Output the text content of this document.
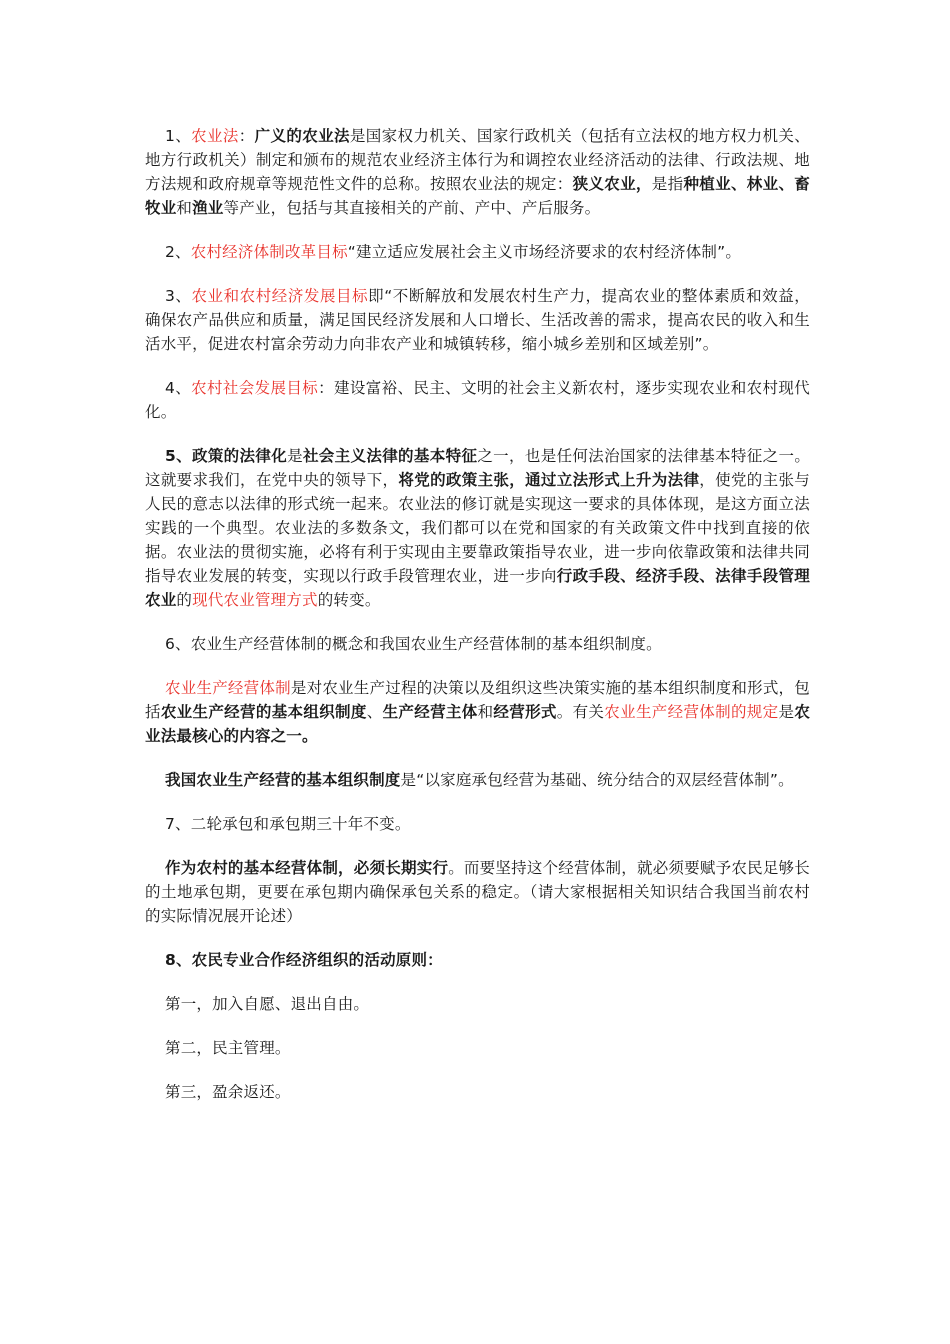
1、农业法：广义的农业法是国家权力机关、国家行政机关（包括有立法权的地方权力机关、地方行政机关）制定和颁布的规范农业经济主体行为和调控农业经济活动的法律、行政法规、地方法规和政府规章等规范性文件的总称。按照农业法的规定：狭义农业，是指种植业、林业、畜牧业和渔业等产业，包括与其直接相关的产前、产中、产后服务。

2、农村经济体制改革目标“建立适应发展社会主义市场经济要求的农村经济体制”。

3、农业和农村经济发展目标即“不断解放和发展农村生产力，提高农业的整体素质和效益，确保农产品供应和质量，满足国民经济发展和人口增长、生活改善的需求，提高农民的收入和生活水平，促进农村富余劳动力向非农产业和城镇转移，缩小城乡差别和区域差别”。

4、农村社会发展目标：建设富裕、民主、文明的社会主义新农村，逐步实现农业和农村现代化。

5、政策的法律化是社会主义法律的基本特征之一，也是任何法治国家的法律基本特征之一。这就要求我们，在党中央的领导下，将党的政策主张，通过立法形式上升为法律，使党的主张与人民的意志以法律的形式统一起来。农业法的修订就是实现这一要求的具体体现，是这方面立法实践的一个典型。农业法的多数条文，我们都可以在党和国家的有关政策文件中找到直接的依据。农业法的贯彻实施，必将有利于实现由主要靠政策指导农业，进一步向依靠政策和法律共同指导农业发展的转变，实现以行政手段管理农业，进一步向行政手段、经济手段、法律手段管理农业的现代农业管理方式的转变。

6、农业生产经营体制的概念和我国农业生产经营体制的基本组织制度。

农业生产经营体制是对农业生产过程的决策以及组织这些决策实施的基本组织制度和形式，包括农业生产经营的基本组织制度、生产经营主体和经营形式。有关农业生产经营体制的规定是农业法最核心的内容之一。

我国农业生产经营的基本组织制度是“以家庭承包经营为基础、统分结合的双层经营体制”。

7、二轮承包和承包期三十年不变。

作为农村的基本经营体制，必须长期实行。而要坚持这个经营体制，就必须要赋予农民足够长的土地承包期，更要在承包期内确保承包关系的稳定。（请大家根据相关知识结合我国当前农村的实际情况展开论述）

8、农民专业合作经济组织的活动原则：

第一，加入自愿、退出自由。

第二，民主管理。

第三，盈余返还。
